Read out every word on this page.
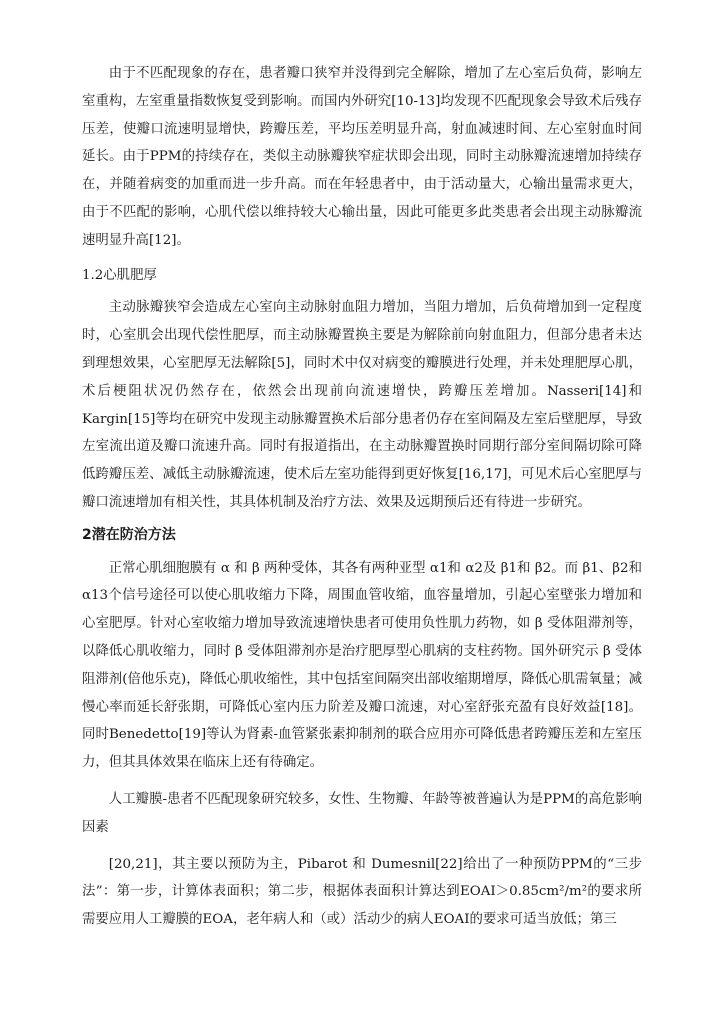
由于不匹配现象的存在，患者瓣口狭窄并没得到完全解除，增加了左心室后负荷，影响左室重构，左室重量指数恢复受到影响。而国内外研究[10-13]均发现不匹配现象会导致术后残存压差，使瓣口流速明显增快，跨瓣压差，平均压差明显升高，射血减速时间、左心室射血时间延长。由于PPM的持续存在，类似主动脉瓣狭窄症状即会出现，同时主动脉瓣流速增加持续存在，并随着病变的加重而进一步升高。而在年轻患者中，由于活动量大，心输出量需求更大，由于不匹配的影响，心肌代偿以维持较大心输出量，因此可能更多此类患者会出现主动脉瓣流速明显升高[12]。

1.2心肌肥厚

主动脉瓣狭窄会造成左心室向主动脉射血阻力增加，当阻力增加，后负荷增加到一定程度时，心室肌会出现代偿性肥厚，而主动脉瓣置换主要是为解除前向射血阻力，但部分患者未达到理想效果，心室肥厚无法解除[5]，同时术中仅对病变的瓣膜进行处理，并未处理肥厚心肌，术后梗阻状况仍然存在，依然会出现前向流速增快，跨瓣压差增加。Nasseri[14]和Kargin[15]等均在研究中发现主动脉瓣置换术后部分患者仍存在室间隔及左室后壁肥厚，导致左室流出道及瓣口流速升高。同时有报道指出，在主动脉瓣置换时同期行部分室间隔切除可降低跨瓣压差、减低主动脉瓣流速，使术后左室功能得到更好恢复[16,17]，可见术后心室肥厚与瓣口流速增加有相关性，其具体机制及治疗方法、效果及远期预后还有待进一步研究。

2潜在防治方法

正常心肌细胞膜有 α 和 β 两种受体，其各有两种亚型 α1和 α2及 β1和 β2。而 β1、β2和 α13个信号途径可以使心肌收缩力下降，周围血管收缩，血容量增加，引起心室壁张力增加和心室肥厚。针对心室收缩力增加导致流速增快患者可使用负性肌力药物，如 β 受体阻滞剂等，以降低心肌收缩力，同时 β 受体阻滞剂亦是治疗肥厚型心肌病的支柱药物。国外研究示 β 受体阻滞剂(倍他乐克)，降低心肌收缩性，其中包括室间隔突出部收缩期增厚，降低心肌需氧量；减慢心率而延长舒张期，可降低心室内压力阶差及瓣口流速，对心室舒张充盈有良好效益[18]。同时Benedetto[19]等认为肾素-血管紧张素抑制剂的联合应用亦可降低患者跨瓣压差和左室压力，但其具体效果在临床上还有待确定。

人工瓣膜-患者不匹配现象研究较多，女性、生物瓣、年龄等被普遍认为是PPM的高危影响因素

[20,21]，其主要以预防为主，Pibarot 和 Dumesnil[22]给出了一种预防PPM的“三步法”：第一步，计算体表面积；第二步，根据体表面积计算达到EOAI＞0.85cm²/m²的要求所需要应用人工瓣膜的EOA，老年病人和（或）活动少的病人EOAI的要求可适当放低；第三
